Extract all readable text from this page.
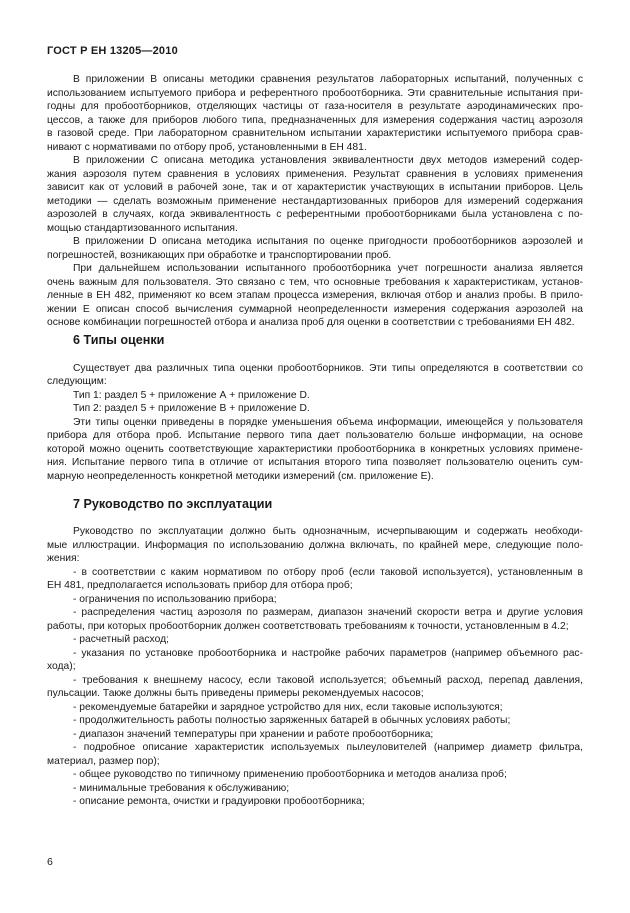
ГОСТ Р ЕН 13205—2010
В приложении В описаны методики сравнения результатов лабораторных испытаний, полученных с
использованием испытуемого прибора и референтного пробоотборника. Эти сравнительные испытания при-
годны для пробоотборников, отделяющих частицы от газа-носителя в результате аэродинамических про-
цессов, а также для приборов любого типа, предназначенных для измерения содержания частиц аэрозоля
в газовой среде. При лабораторном сравнительном испытании характеристики испытуемого прибора срав-
нивают с нормативами по отбору проб, установленными в ЕН 481.
В приложении С описана методика установления эквивалентности двух методов измерений содер-
жания аэрозоля путем сравнения в условиях применения. Результат сравнения в условиях применения
зависит как от условий в рабочей зоне, так и от характеристик участвующих в испытании приборов. Цель
методики — сделать возможным применение нестандартизованных приборов для измерений содержания
аэрозолей в случаях, когда эквивалентность с референтными пробоотборниками была установлена с по-
мощью стандартизованного испытания.
В приложении D описана методика испытания по оценке пригодности пробоотборников аэрозолей и
погрешностей, возникающих при обработке и транспортировании проб.
При дальнейшем использовании испытанного пробоотборника учет погрешности анализа является
очень важным для пользователя. Это связано с тем, что основные требования к характеристикам, установ-
ленные в ЕН 482, применяют ко всем этапам процесса измерения, включая отбор и анализ пробы. В прило-
жении Е описан способ вычисления суммарной неопределенности измерения содержания аэрозолей на
основе комбинации погрешностей отбора и анализа проб для оценки в соответствии с требованиями ЕН 482.
6 Типы оценки
Существует два различных типа оценки пробоотборников. Эти типы определяются в соответствии со
следующим:
Тип 1: раздел 5 + приложение А + приложение D.
Тип 2: раздел 5 + приложение В + приложение D.
Эти типы оценки приведены в порядке уменьшения объема информации, имеющейся у пользователя
прибора для отбора проб. Испытание первого типа дает пользователю больше информации, на основе
которой можно оценить соответствующие характеристики пробоотборника в конкретных условиях примене-
ния. Испытание первого типа в отличие от испытания второго типа позволяет пользователю оценить сум-
марную неопределенность конкретной методики измерений (см. приложение Е).
7 Руководство по эксплуатации
Руководство по эксплуатации должно быть однозначным, исчерпывающим и содержать необходи-
мые иллюстрации. Информация по использованию должна включать, по крайней мере, следующие поло-
жения:
- в соответствии с каким нормативом по отбору проб (если таковой используется), установленным в
ЕН 481, предполагается использовать прибор для отбора проб;
- ограничения по использованию прибора;
- распределения частиц аэрозоля по размерам, диапазон значений скорости ветра и другие условия
работы, при которых пробоотборник должен соответствовать требованиям к точности, установленным в 4.2;
- расчетный расход;
- указания по установке пробоотборника и настройке рабочих параметров (например объемного рас-
хода);
- требования к внешнему насосу, если таковой используется; объемный расход, перепад давления,
пульсации. Также должны быть приведены примеры рекомендуемых насосов;
- рекомендуемые батарейки и зарядное устройство для них, если таковые используются;
- продолжительность работы полностью заряженных батарей в обычных условиях работы;
- диапазон значений температуры при хранении и работе пробоотборника;
- подробное описание характеристик используемых пылеуловителей (например диаметр фильтра,
материал, размер пор);
- общее руководство по типичному применению пробоотборника и методов анализа проб;
- минимальные требования к обслуживанию;
- описание ремонта, очистки и градуировки пробоотборника;
6
